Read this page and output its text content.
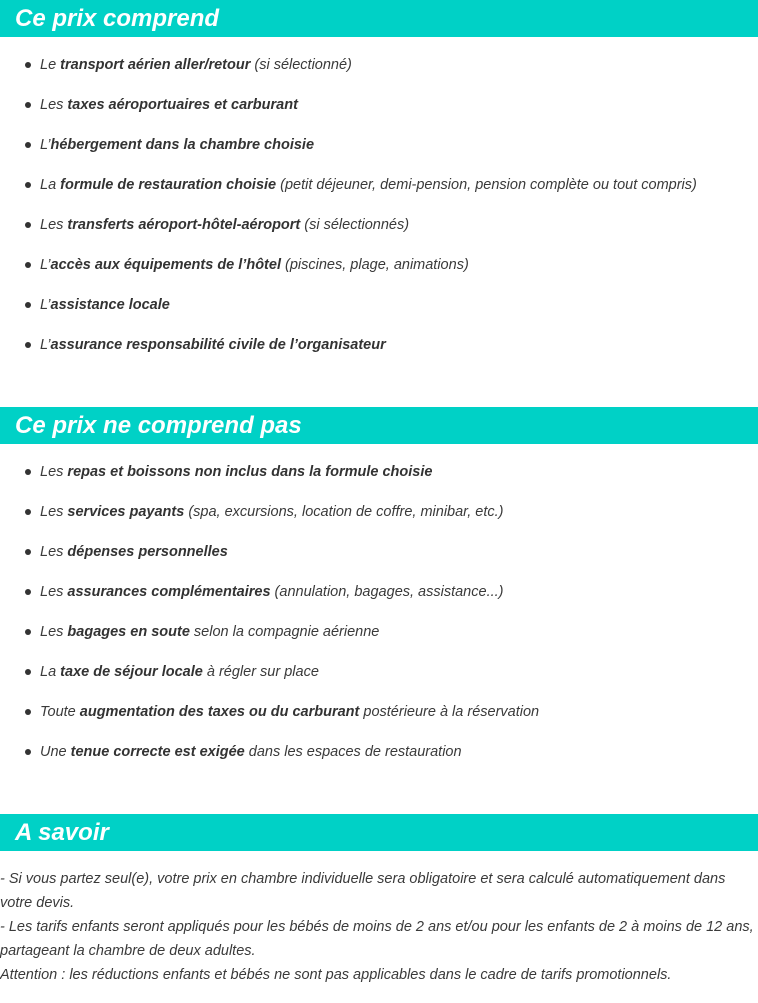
Ce prix comprend
Le transport aérien aller/retour (si sélectionné)
Les taxes aéroportuaires et carburant
L’hébergement dans la chambre choisie
La formule de restauration choisie (petit déjeuner, demi-pension, pension complète ou tout compris)
Les transferts aéroport-hôtel-aéroport (si sélectionnés)
L’accès aux équipements de l’hôtel (piscines, plage, animations)
L’assistance locale
L’assurance responsabilité civile de l’organisateur
Ce prix ne comprend pas
Les repas et boissons non inclus dans la formule choisie
Les services payants (spa, excursions, location de coffre, minibar, etc.)
Les dépenses personnelles
Les assurances complémentaires (annulation, bagages, assistance...)
Les bagages en soute selon la compagnie aérienne
La taxe de séjour locale à régler sur place
Toute augmentation des taxes ou du carburant postérieure à la réservation
Une tenue correcte est exigée dans les espaces de restauration
A savoir

- Si vous partez seul(e), votre prix en chambre individuelle sera obligatoire et sera calculé automatiquement dans votre devis.

- Les tarifs enfants seront appliqués pour les bébés de moins de 2 ans et/ou pour les enfants de 2 à moins de 12 ans, partageant la chambre de deux adultes.

Attention : les réductions enfants et bébés ne sont pas applicables dans le cadre de tarifs promotionnels.
